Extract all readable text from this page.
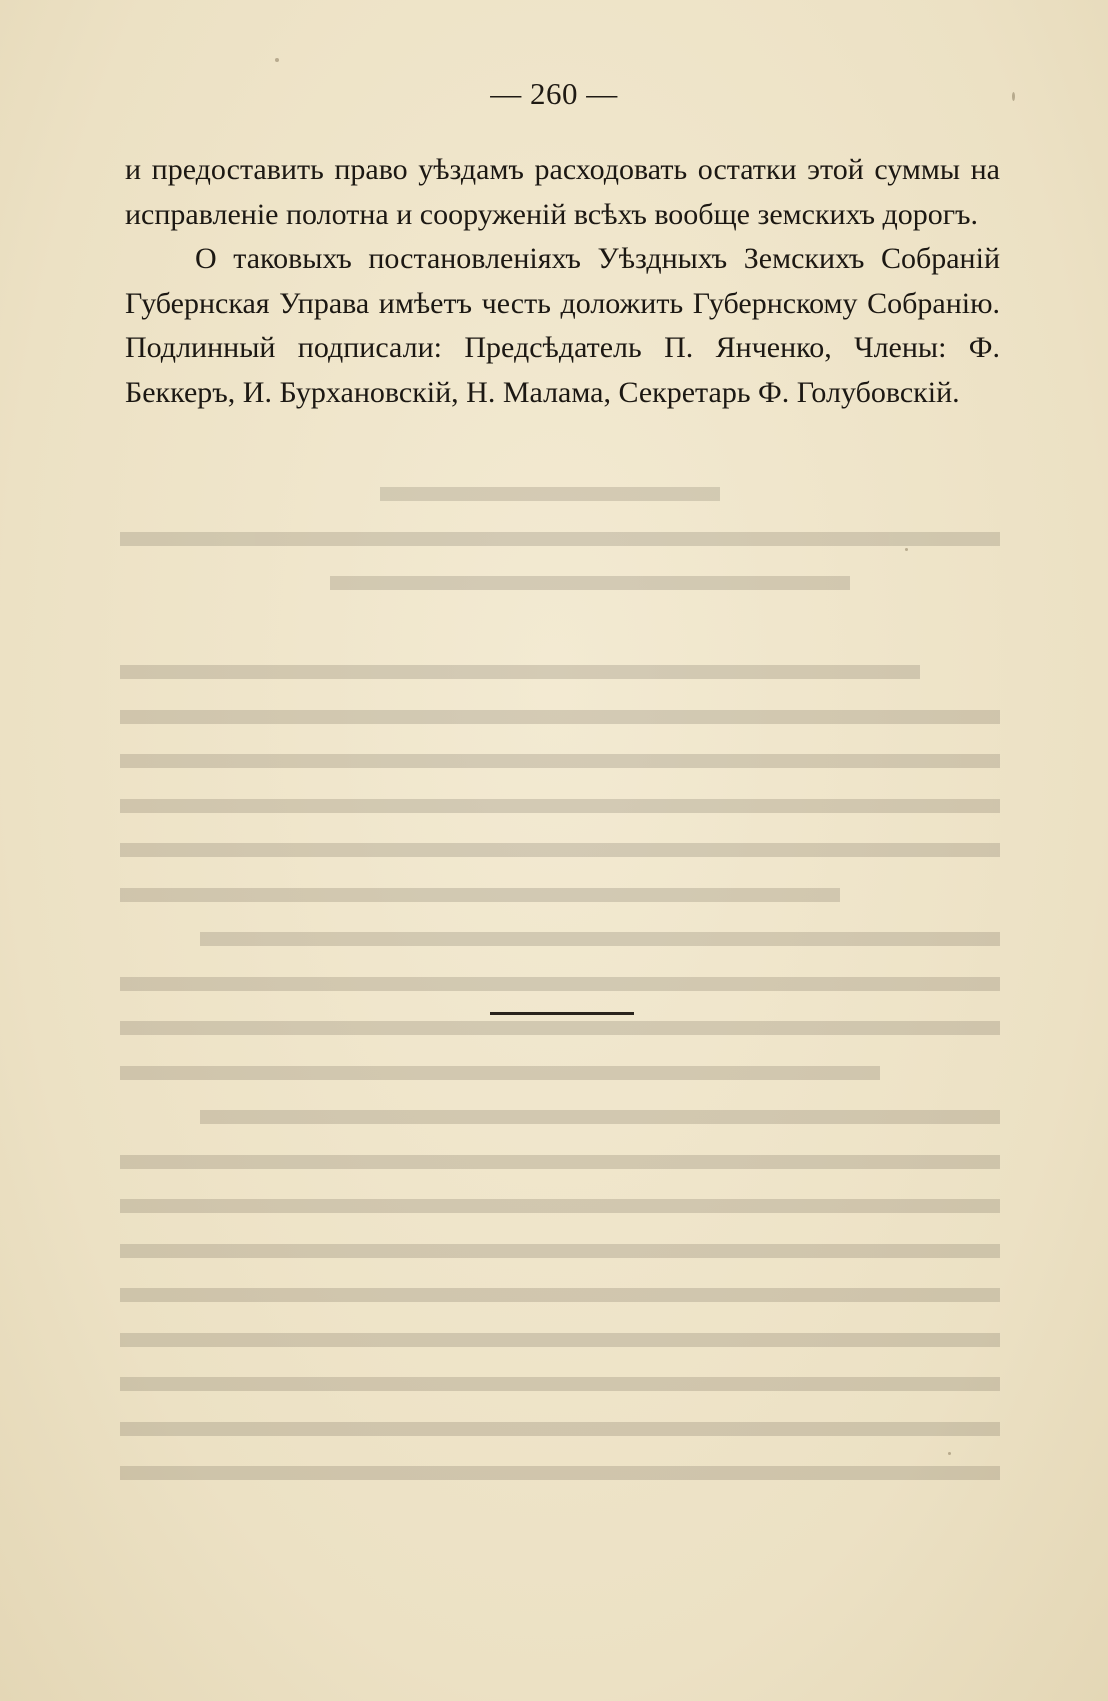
— 260 —

и предоставить право уѣздамъ расходовать остатки этой суммы на исправленіе полотна и сооруженій всѣхъ вообще земскихъ дорогъ.

О таковыхъ постановленіяхъ Уѣздныхъ Земскихъ Собраній Губернская Управа имѣетъ честь доложить Губернскому Собранію. Подлинный подписали: Предсѣдатель П. Янченко, Члены: Ф. Беккеръ, И. Бурхановскій, Н. Малама, Секретарь Ф. Голубовскій.
